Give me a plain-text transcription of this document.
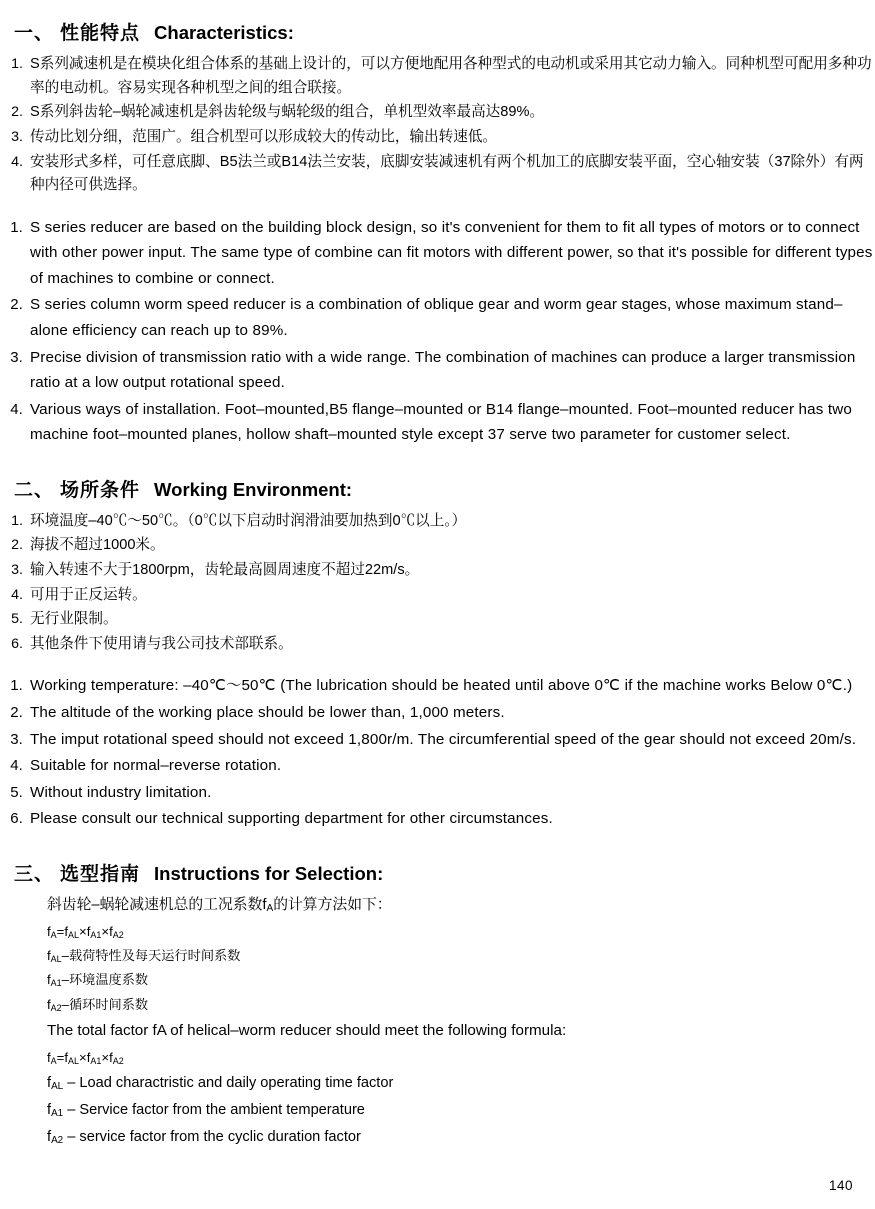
一、 性能特点 Characteristics:
1. S系列减速机是在模块化组合体系的基础上设计的，可以方便地配用各种型式的电动机或采用其它动力输入。同种机型可配用多种功率的电动机。容易实现各种机型之间的组合联接。
2. S系列斜齿轮–蜗轮减速机是斜齿轮级与蜗轮级的组合，单机型效率最高达89%。
3. 传动比划分细，范围广。组合机型可以形成较大的传动比，输出转速低。
4. 安装形式多样，可任意底脚、B5法兰或B14法兰安装，底脚安装减速机有两个机加工的底脚安装平面，空心轴安装（37除外）有两种内径可供选择。
1. S series reducer are based on the building block design, so it's convenient for them to fit all types of motors or to connect with other power input. The same type of combine can fit motors with different power, so that it's possible for different types of machines to combine or connect.
2. S series column worm speed reducer is a combination of oblique gear and worm gear stages, whose maximum stand–alone efficiency can reach up to 89%.
3. Precise division of transmission ratio with a wide range. The combination of machines can produce a larger transmission ratio at a low output rotational speed.
4. Various ways of installation. Foot–mounted,B5 flange–mounted or B14 flange–mounted. Foot–mounted reducer has two machine foot–mounted planes, hollow shaft–mounted style except 37 serve two parameter for customer select.
二、 场所条件 Working Environment:
1. 环境温度–40℃～50℃。（0℃以下启动时润滑油要加热到0℃以上。）
2. 海拔不超过1000米。
3. 输入转速不大于1800rpm，齿轮最高圆周速度不超过22m/s。
4. 可用于正反运转。
5. 无行业限制。
6. 其他条件下使用请与我公司技术部联系。
1. Working temperature: –40℃～50℃ (The lubrication should be heated until above 0℃ if the machine works Below 0℃.)
2. The altitude of the working place should be lower than, 1,000 meters.
3. The imput rotational speed should not exceed 1,800r/m. The circumferential speed of the gear should not exceed 20m/s.
4. Suitable for normal–reverse rotation.
5. Without industry limitation.
6. Please consult our technical supporting department for other circumstances.
三、 选型指南 Instructions for Selection:
斜齿轮–蜗轮减速机总的工况系数$f_A$的计算方法如下：
$f_A=f_{AL}\times f_{A1}\times f_{A2}$
$f_{AL}-$载荷特性及每天运行时间系数
$f_{A1}-$环境温度系数
$f_{A2}-$循环时间系数
The total factor fA of helical–worm reducer should meet the following formula:
$f_A=f_{AL}\times f_{A1}\times f_{A2}$
$f_{AL}$ – Load charactristic and daily operating time factor
$f_{A1}$ – Service factor from the ambient temperature
$f_{A2}$ – service factor from the cyclic duration factor
140
